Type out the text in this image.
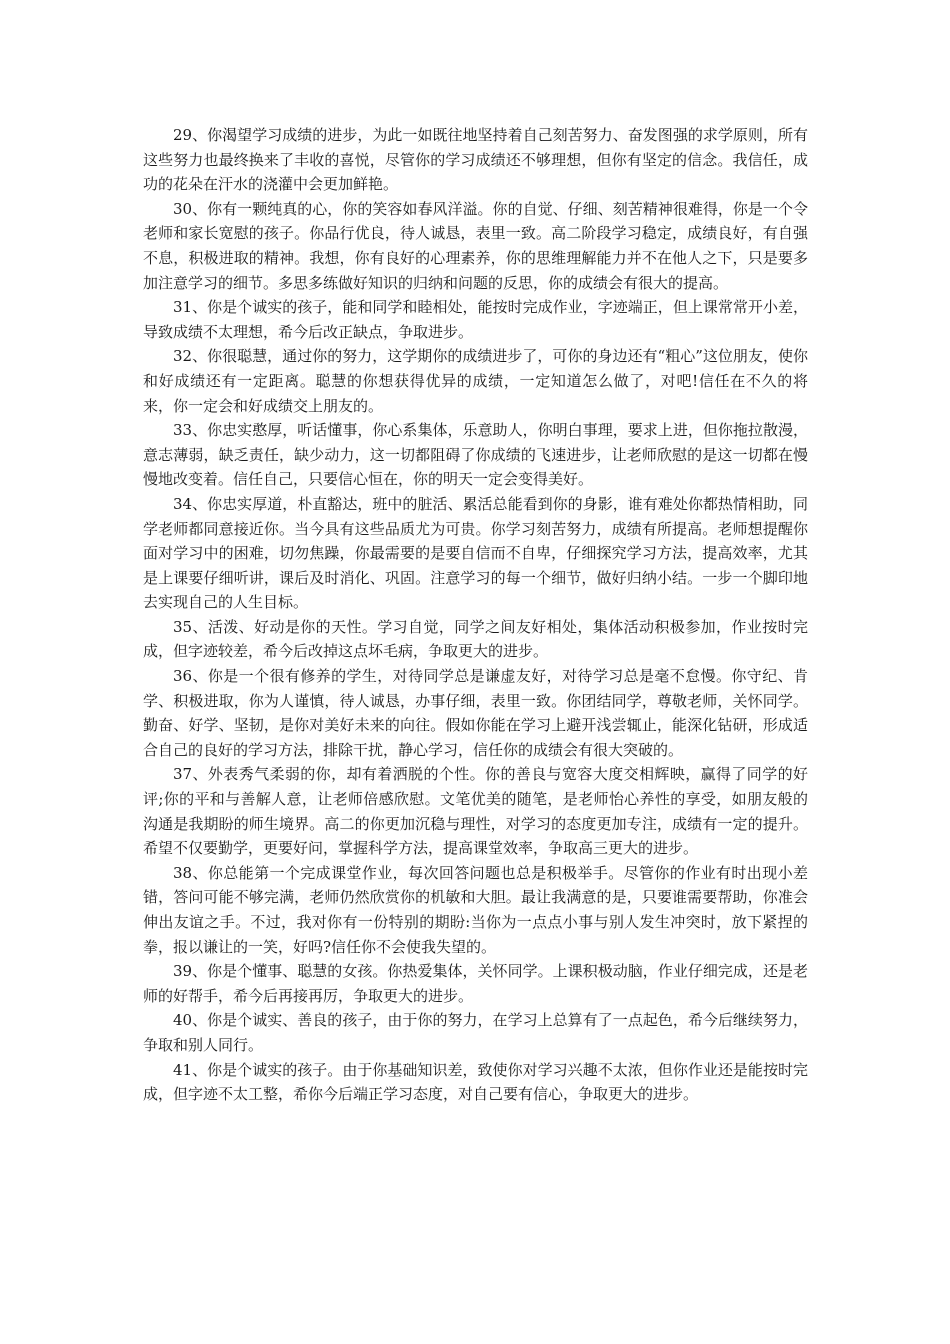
29、你渴望学习成绩的进步，为此一如既往地坚持着自己刻苦努力、奋发图强的求学原则，所有这些努力也最终换来了丰收的喜悦，尽管你的学习成绩还不够理想，但你有坚定的信念。我信任，成功的花朵在汗水的浇灌中会更加鲜艳。

30、你有一颗纯真的心，你的笑容如春风洋溢。你的自觉、仔细、刻苦精神很难得，你是一个令老师和家长宽慰的孩子。你品行优良，待人诚恳，表里一致。高二阶段学习稳定，成绩良好，有自强不息，积极进取的精神。我想，你有良好的心理素养，你的思维理解能力并不在他人之下，只是要多加注意学习的细节。多思多练做好知识的归纳和问题的反思，你的成绩会有很大的提高。

31、你是个诚实的孩子，能和同学和睦相处，能按时完成作业，字迹端正，但上课常常开小差，导致成绩不太理想，希今后改正缺点，争取进步。

32、你很聪慧，通过你的努力，这学期你的成绩进步了，可你的身边还有“粗心”这位朋友，使你和好成绩还有一定距离。聪慧的你想获得优异的成绩，一定知道怎么做了，对吧!信任在不久的将来，你一定会和好成绩交上朋友的。

33、你忠实憨厚，听话懂事，你心系集体，乐意助人，你明白事理，要求上进，但你拖拉散漫，意志薄弱，缺乏责任，缺少动力，这一切都阻碍了你成绩的飞速进步，让老师欣慰的是这一切都在慢慢地改变着。信任自己，只要信心恒在，你的明天一定会变得美好。

34、你忠实厚道，朴直豁达，班中的脏活、累活总能看到你的身影，谁有难处你都热情相助，同学老师都同意接近你。当今具有这些品质尤为可贵。你学习刻苦努力，成绩有所提高。老师想提醒你面对学习中的困难，切勿焦躁，你最需要的是要自信而不自卑，仔细探究学习方法，提高效率，尤其是上课要仔细听讲，课后及时消化、巩固。注意学习的每一个细节，做好归纳小结。一步一个脚印地去实现自己的人生目标。

35、活泼、好动是你的天性。学习自觉，同学之间友好相处，集体活动积极参加，作业按时完成，但字迹较差，希今后改掉这点坏毛病，争取更大的进步。

36、你是一个很有修养的学生，对待同学总是谦虚友好，对待学习总是毫不怠慢。你守纪、肯学、积极进取，你为人谨慎，待人诚恳，办事仔细，表里一致。你团结同学，尊敬老师，关怀同学。勤奋、好学、坚韧，是你对美好未来的向往。假如你能在学习上避开浅尝辄止，能深化钻研，形成适合自己的良好的学习方法，排除干扰，静心学习，信任你的成绩会有很大突破的。

37、外表秀气柔弱的你，却有着洒脱的个性。你的善良与宽容大度交相辉映，赢得了同学的好评;你的平和与善解人意，让老师倍感欣慰。文笔优美的随笔，是老师怡心养性的享受，如朋友般的沟通是我期盼的师生境界。高二的你更加沉稳与理性，对学习的态度更加专注，成绩有一定的提升。希望不仅要勤学，更要好问，掌握科学方法，提高课堂效率，争取高三更大的进步。

38、你总能第一个完成课堂作业，每次回答问题也总是积极举手。尽管你的作业有时出现小差错，答问可能不够完满，老师仍然欣赏你的机敏和大胆。最让我满意的是，只要谁需要帮助，你准会伸出友谊之手。不过，我对你有一份特别的期盼:当你为一点点小事与别人发生冲突时，放下紧捏的拳，报以谦让的一笑，好吗?信任你不会使我失望的。

39、你是个懂事、聪慧的女孩。你热爱集体，关怀同学。上课积极动脑，作业仔细完成，还是老师的好帮手，希今后再接再厉，争取更大的进步。

40、你是个诚实、善良的孩子，由于你的努力，在学习上总算有了一点起色，希今后继续努力，争取和别人同行。

41、你是个诚实的孩子。由于你基础知识差，致使你对学习兴趣不太浓，但你作业还是能按时完成，但字迹不太工整，希你今后端正学习态度，对自己要有信心，争取更大的进步。
